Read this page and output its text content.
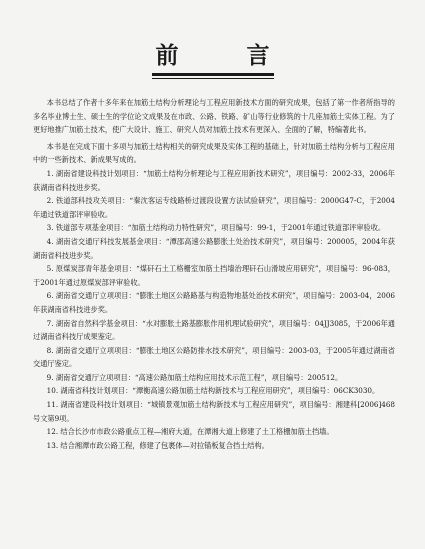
前 言

本书总结了作者十多年来在加筋土结构分析理论与工程应用新技术方面的研究成果，包括了第一作者所指导的多名毕业博士生、硕士生的学位论文成果及在市政、公路、铁路、矿山等行业修筑的十几座加筋土实体工程。为了更好地推广加筋土技术，使广大设计、施工、研究人员对加筋土技术有更深入、全面的了解，特编著此书。

本书是在完成下面十多项与加筋土结构相关的研究成果及实体工程的基础上，针对加筋土结构分析与工程应用中的一些新技术、新成果写成的。

1. 湖南省建设科技计划项目：“加筋土结构分析理论与工程应用新技术研究”，项目编号：2002-33，2006年获湖南省科技进步奖。

2. 铁道部科技攻关项目：“秦沈客运专线路桥过渡段设置方法试验研究”，项目编号：2000G47-C，于2004年通过铁道部评审验收。

3. 铁道部专项基金项目：“加筋土结构动力特性研究”，项目编号：99-1，于2001年通过铁道部评审验收。

4. 湖南省交通厅科技发展基金项目：“潭邵高速公路膨胀土处治技术研究”，项目编号：200005，2004年获湖南省科技进步奖。

5. 原煤炭部青年基金项目：“煤矸石土工格栅室加筋土挡墙治理矸石山滑坡应用研究”，项目编号：96-083，于2001年通过原煤炭部评审验收。

6. 湖南省交通厅立项项目：“膨胀土地区公路路基与构造物地基处治技术研究”，项目编号：2003-04，2006年获湖南省科技进步奖。

7. 湖南省自然科学基金项目：“水对膨胀土路基膨胀作用机理试验研究”，项目编号：04JJ3085，于2006年通过湖南省科技厅成果鉴定。

8. 湖南省交通厅立项项目：“膨胀土地区公路防排水技术研究”，项目编号：2003-03，于2005年通过湖南省交通厅鉴定。

9. 湖南省交通厅立项项目：“高速公路加筋土结构应用技术示范工程”，项目编号：200512。

10. 湖南省科技计划项目：“潭衡高速公路加筋土结构新技术与工程应用研究”，项目编号：06CK3030。

11. 湖南省建设科技计划项目：“城镇景观加筋土结构新技术与工程应用研究”，项目编号：湘建科[2006]468号文第9项。

12. 结合长沙市市政公路重点工程—湘府大道，在潭湘大道上修建了土工格栅加筋土挡墙。

13. 结合湘潭市政公路工程，修建了包裹体—对拉锚板复合挡土结构。
